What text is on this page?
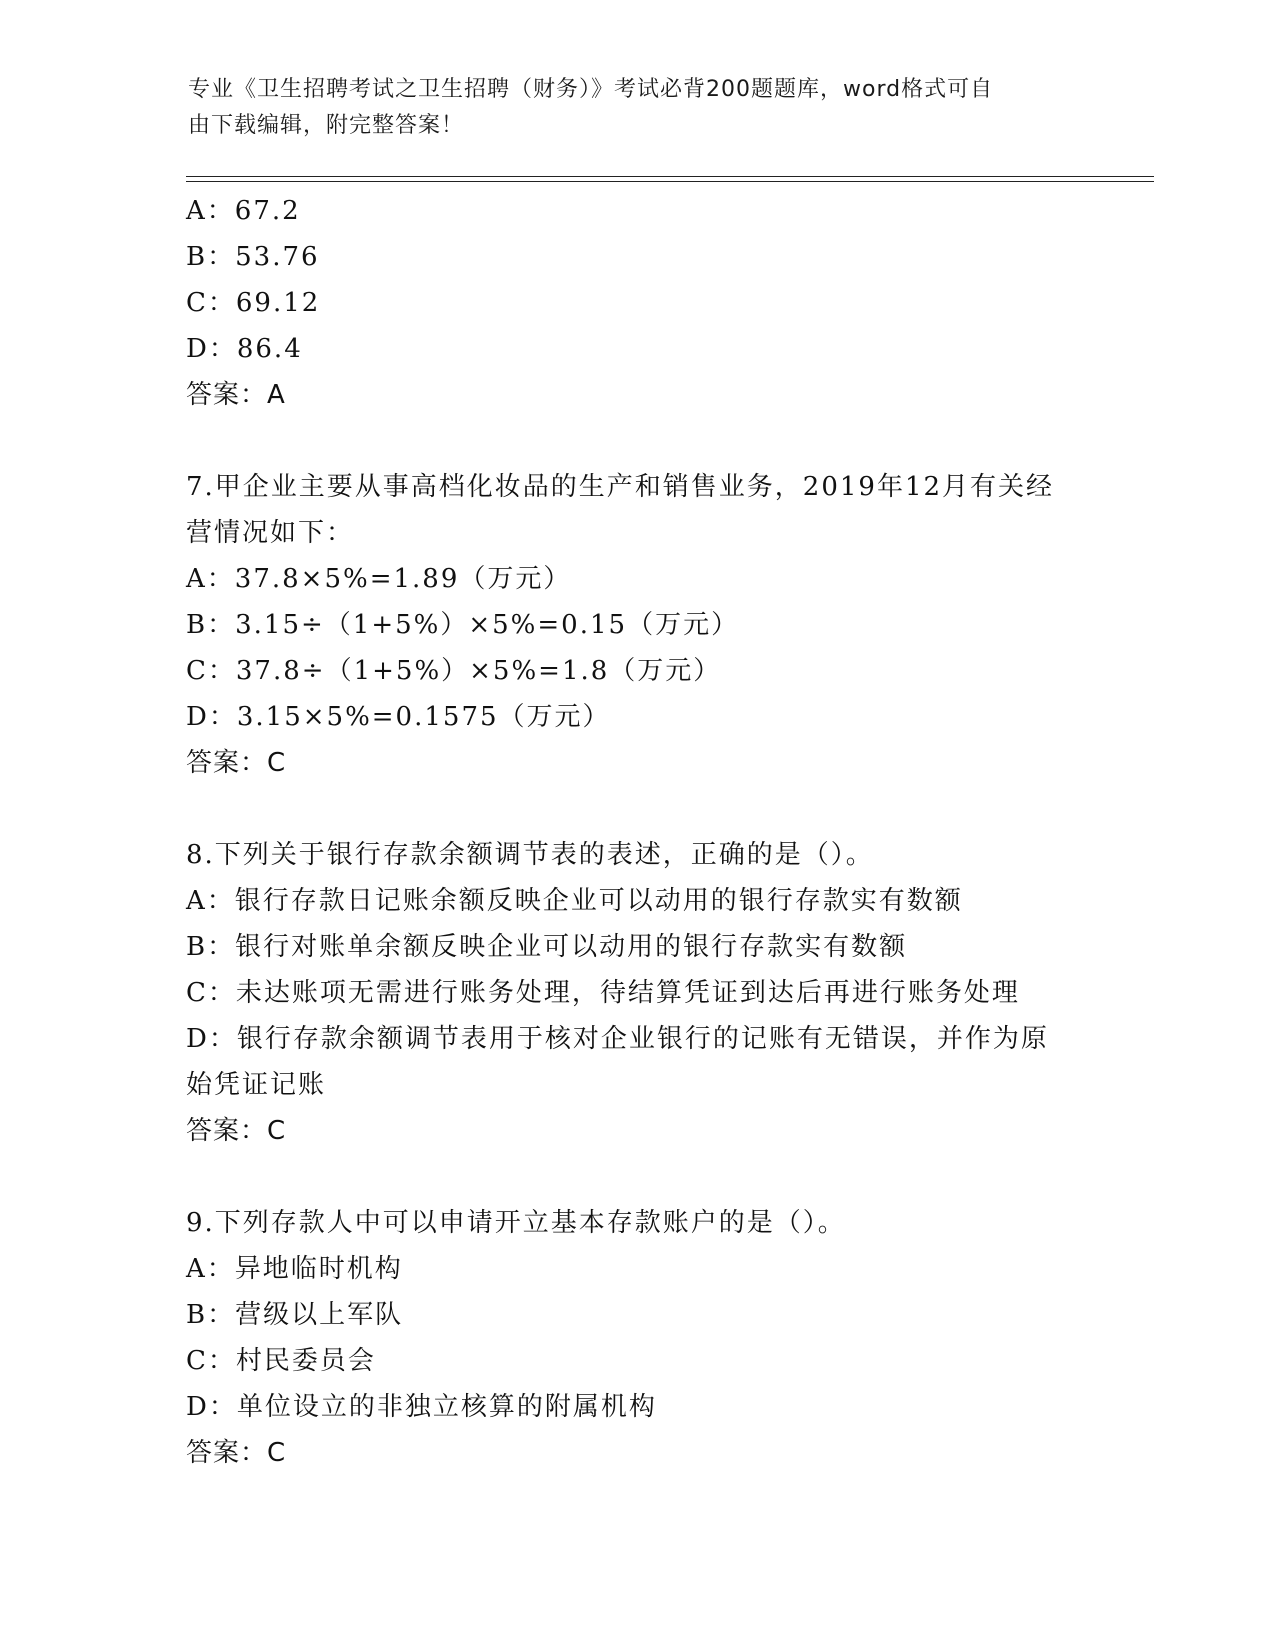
专业《卫生招聘考试之卫生招聘（财务）》考试必背200题题库，word格式可自
由下载编辑，附完整答案！
A：67.2
B：53.76
C：69.12
D：86.4
答案：A
7.甲企业主要从事高档化妆品的生产和销售业务，2019年12月有关经
营情况如下：
A：37.8×5%=1.89（万元）
B：3.15÷（1+5%）×5%=0.15（万元）
C：37.8÷（1+5%）×5%=1.8（万元）
D：3.15×5%=0.1575（万元）
答案：C
8.下列关于银行存款余额调节表的表述，正确的是（）。
A：银行存款日记账余额反映企业可以动用的银行存款实有数额
B：银行对账单余额反映企业可以动用的银行存款实有数额
C：未达账项无需进行账务处理，待结算凭证到达后再进行账务处理
D：银行存款余额调节表用于核对企业银行的记账有无错误，并作为原
始凭证记账
答案：C
9.下列存款人中可以申请开立基本存款账户的是（）。
A：异地临时机构
B：营级以上军队
C：村民委员会
D：单位设立的非独立核算的附属机构
答案：C
